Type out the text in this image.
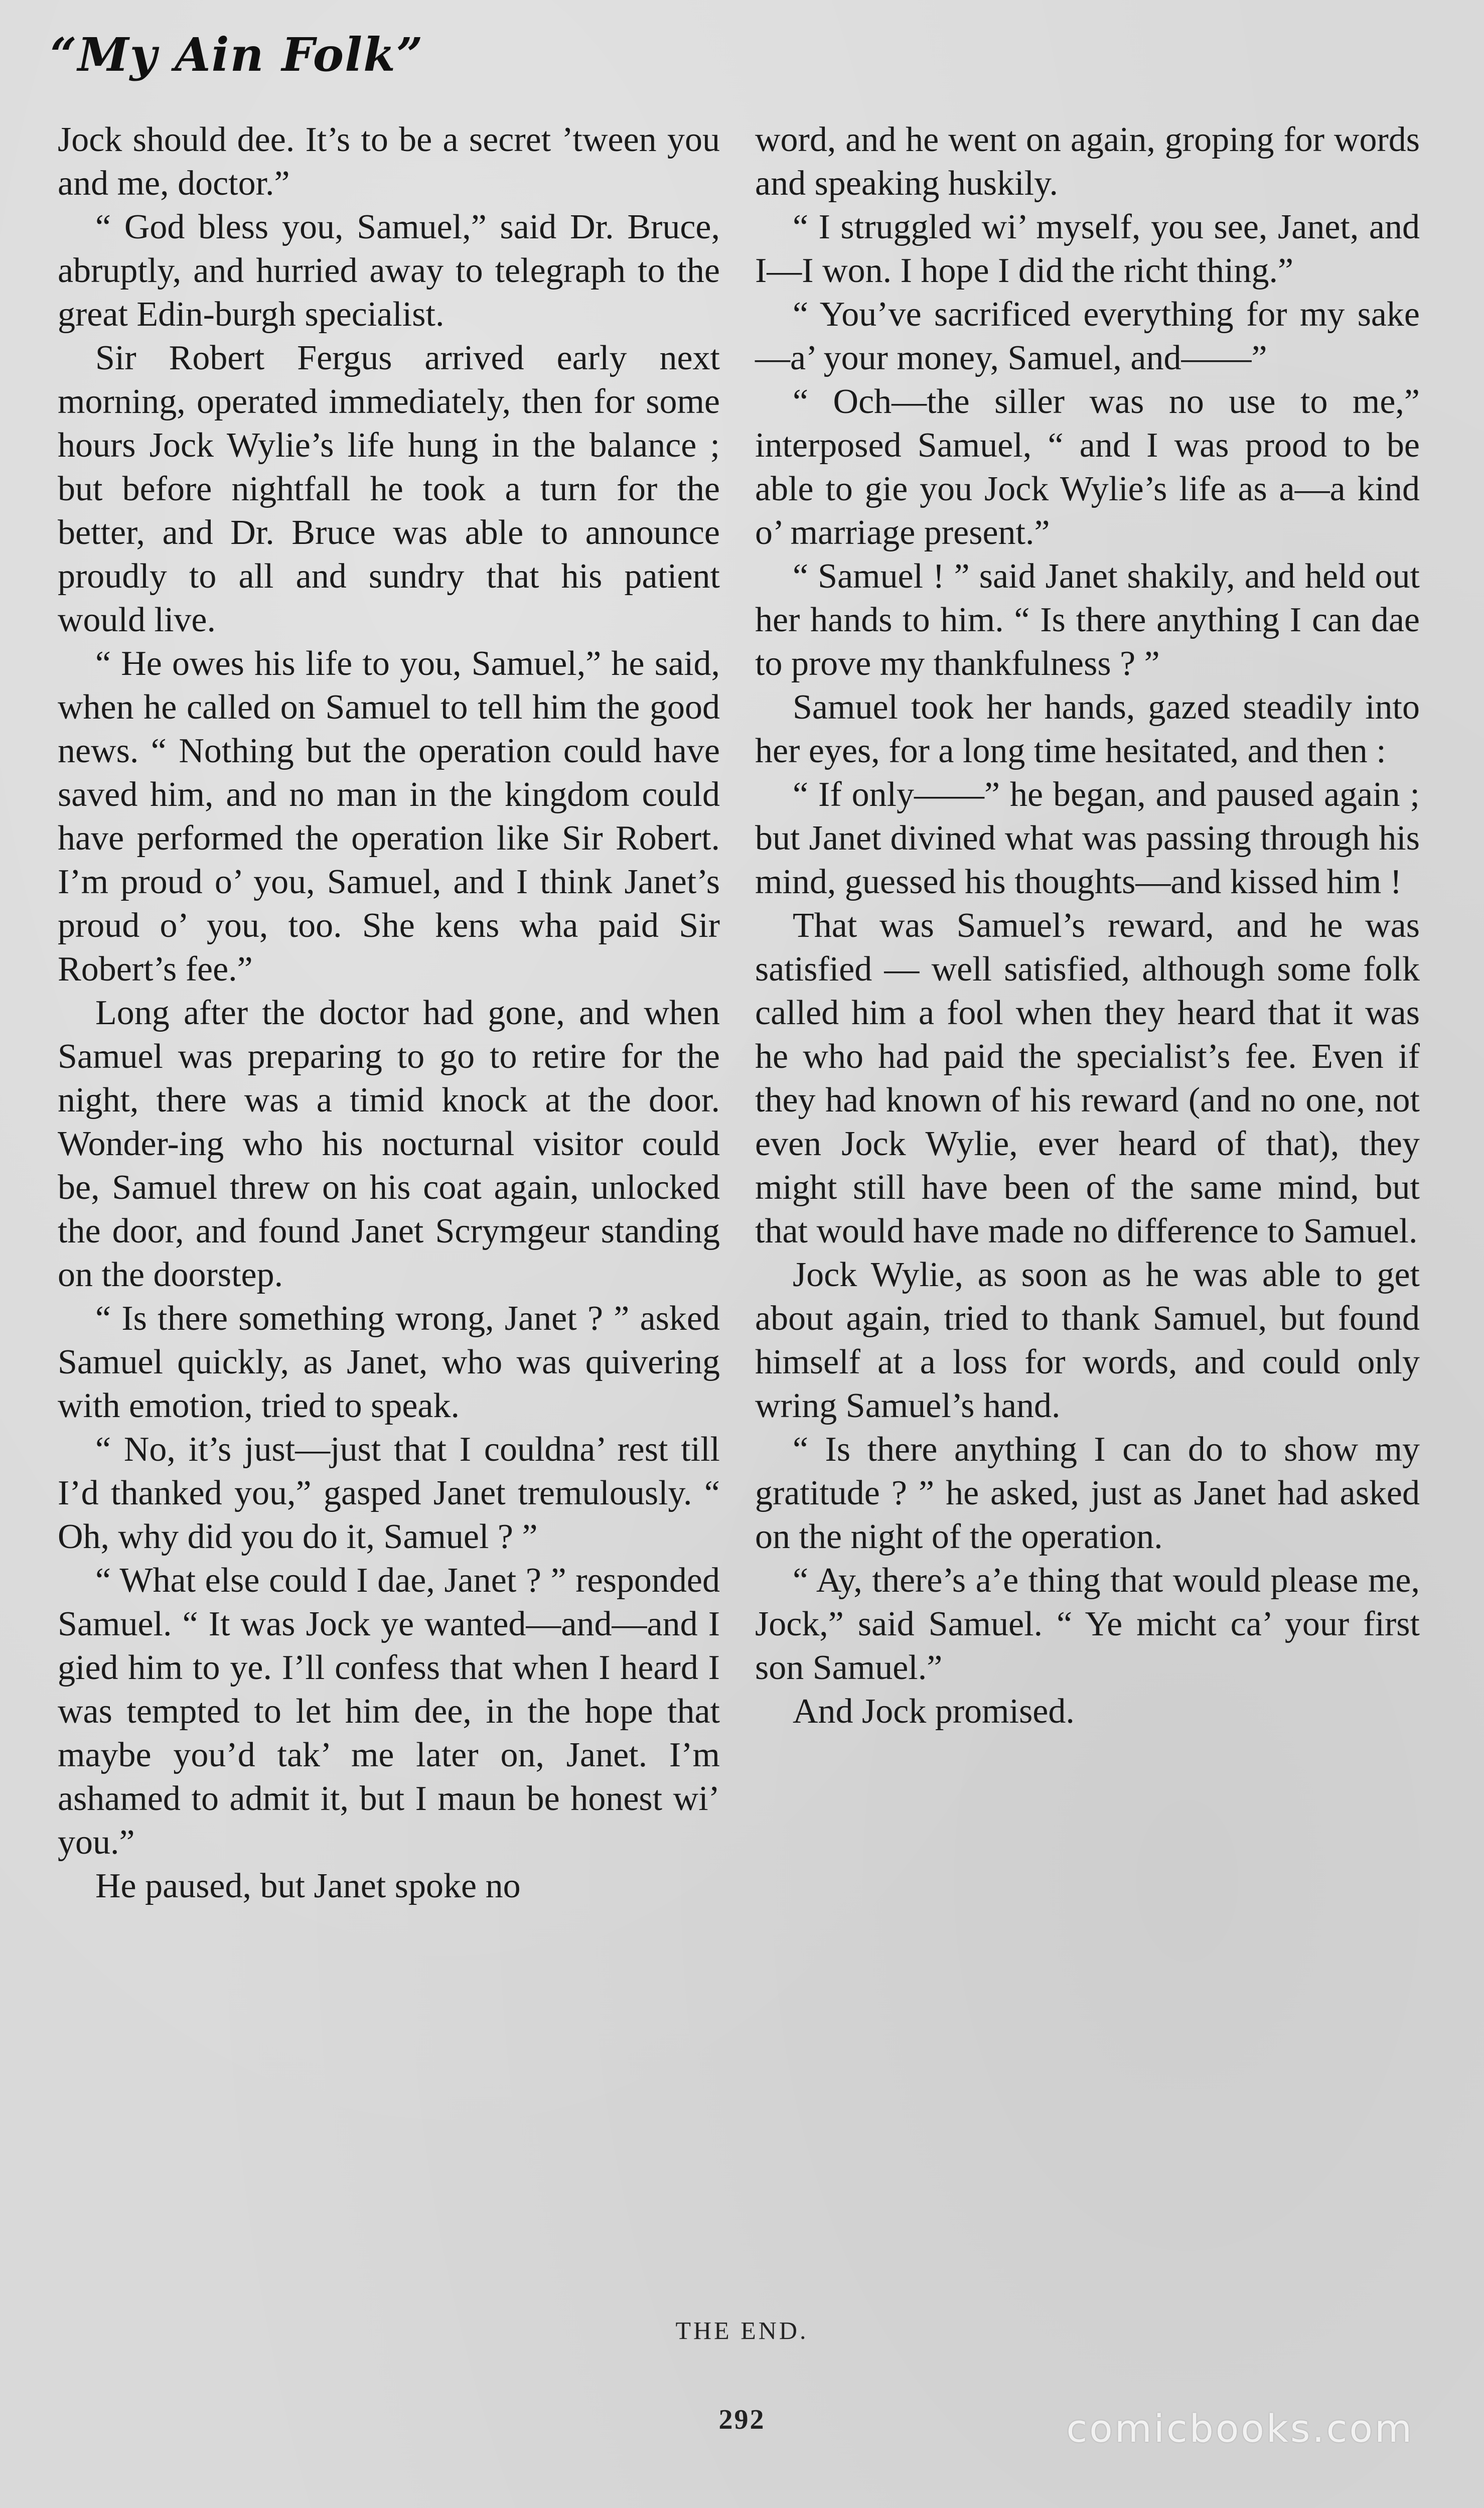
“My Ain Folk”

Jock should dee. It’s to be a secret ’tween you and me, doctor.”

“ God bless you, Samuel,” said Dr. Bruce, abruptly, and hurried away to telegraph to the great Edin-burgh specialist.

Sir Robert Fergus arrived early next morning, operated immediately, then for some hours Jock Wylie’s life hung in the balance ; but before nightfall he took a turn for the better, and Dr. Bruce was able to announce proudly to all and sundry that his patient would live.

“ He owes his life to you, Samuel,” he said, when he called on Samuel to tell him the good news. “ Nothing but the operation could have saved him, and no man in the kingdom could have performed the operation like Sir Robert. I’m proud o’ you, Samuel, and I think Janet’s proud o’ you, too. She kens wha paid Sir Robert’s fee.”

Long after the doctor had gone, and when Samuel was preparing to go to retire for the night, there was a timid knock at the door. Wonder-ing who his nocturnal visitor could be, Samuel threw on his coat again, unlocked the door, and found Janet Scrymgeur standing on the doorstep.

“ Is there something wrong, Janet ? ” asked Samuel quickly, as Janet, who was quivering with emotion, tried to speak.

“ No, it’s just—just that I couldna’ rest till I’d thanked you,” gasped Janet tremulously. “ Oh, why did you do it, Samuel ? ”

“ What else could I dae, Janet ? ” responded Samuel. “ It was Jock ye wanted—and—and I gied him to ye. I’ll confess that when I heard I was tempted to let him dee, in the hope that maybe you’d tak’ me later on, Janet. I’m ashamed to admit it, but I maun be honest wi’ you.”

He paused, but Janet spoke no

word, and he went on again, groping for words and speaking huskily.

“ I struggled wi’ myself, you see, Janet, and I—I won. I hope I did the richt thing.”

“ You’ve sacrificed everything for my sake—a’ your money, Samuel, and——”

“ Och—the siller was no use to me,” interposed Samuel, “ and I was prood to be able to gie you Jock Wylie’s life as a—a kind o’ marriage present.”

“ Samuel ! ” said Janet shakily, and held out her hands to him. “ Is there anything I can dae to prove my thankfulness ? ”

Samuel took her hands, gazed steadily into her eyes, for a long time hesitated, and then :

“ If only——” he began, and paused again ; but Janet divined what was passing through his mind, guessed his thoughts—and kissed him !

That was Samuel’s reward, and he was satisfied — well satisfied, although some folk called him a fool when they heard that it was he who had paid the specialist’s fee. Even if they had known of his reward (and no one, not even Jock Wylie, ever heard of that), they might still have been of the same mind, but that would have made no difference to Samuel.

Jock Wylie, as soon as he was able to get about again, tried to thank Samuel, but found himself at a loss for words, and could only wring Samuel’s hand.

“ Is there anything I can do to show my gratitude ? ” he asked, just as Janet had asked on the night of the operation.

“ Ay, there’s a’e thing that would please me, Jock,” said Samuel. “ Ye micht ca’ your first son Samuel.”

And Jock promised.

THE END.
292	comicbooks.com
